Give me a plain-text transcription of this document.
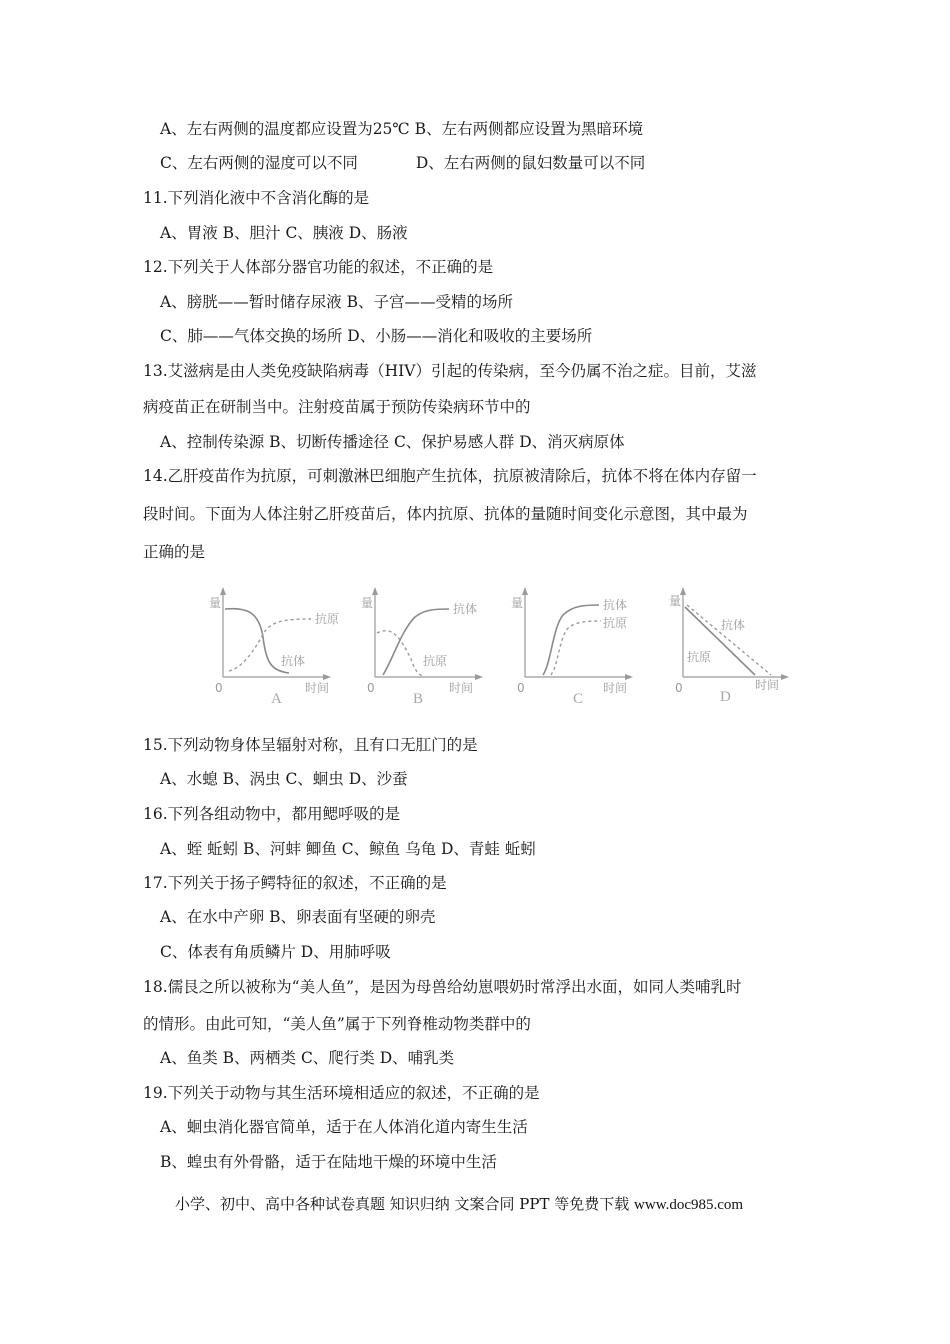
A、左右两侧的温度都应设置为25℃ B、左右两侧都应设置为黑暗环境
C、左右两侧的湿度可以不同	D、左右两侧的鼠妇数量可以不同
11.下列消化液中不含消化酶的是
A、胃液 B、胆汁 C、胰液 D、肠液
12.下列关于人体部分器官功能的叙述，不正确的是
A、膀胱——暂时储存尿液 B、子宫——受精的场所
C、肺——气体交换的场所 D、小肠——消化和吸收的主要场所
13.艾滋病是由人类免疫缺陷病毒（HIV）引起的传染病，至今仍属不治之症。目前，艾滋
病疫苗正在研制当中。注射疫苗属于预防传染病环节中的
A、控制传染源 B、切断传播途径 C、保护易感人群 D、消灭病原体
14.乙肝疫苗作为抗原，可刺激淋巴细胞产生抗体，抗原被清除后，抗体不将在体内存留一
段时间。下面为人体注射乙肝疫苗后，体内抗原、抗体的量随时间变化示意图，其中最为
正确的是
量
0	时间
抗原
抗体
A
量
0	时间
抗体
抗原
B
量
0	时间
抗体
抗原
C
量
0	时间
抗体
抗原
D
15.下列动物身体呈辐射对称，且有口无肛门的是
A、水螅 B、涡虫 C、蛔虫 D、沙蚕
16.下列各组动物中，都用鳃呼吸的是
A、蛭 蚯蚓 B、河蚌 鲫鱼 C、鲸鱼 乌龟 D、青蛙 蚯蚓
17.下列关于扬子鳄特征的叙述，不正确的是
A、在水中产卵 B、卵表面有坚硬的卵壳
C、体表有角质鳞片 D、用肺呼吸
18.儒艮之所以被称为“美人鱼”，是因为母兽给幼崽喂奶时常浮出水面，如同人类哺乳时
的情形。由此可知，“美人鱼”属于下列脊椎动物类群中的
A、鱼类 B、两栖类 C、爬行类 D、哺乳类
19.下列关于动物与其生活环境相适应的叙述，不正确的是
A、蛔虫消化器官简单，适于在人体消化道内寄生生活
B、蝗虫有外骨骼，适于在陆地干燥的环境中生活
小学、初中、高中各种试卷真题 知识归纳 文案合同 PPT 等免费下载 www.doc985.com
